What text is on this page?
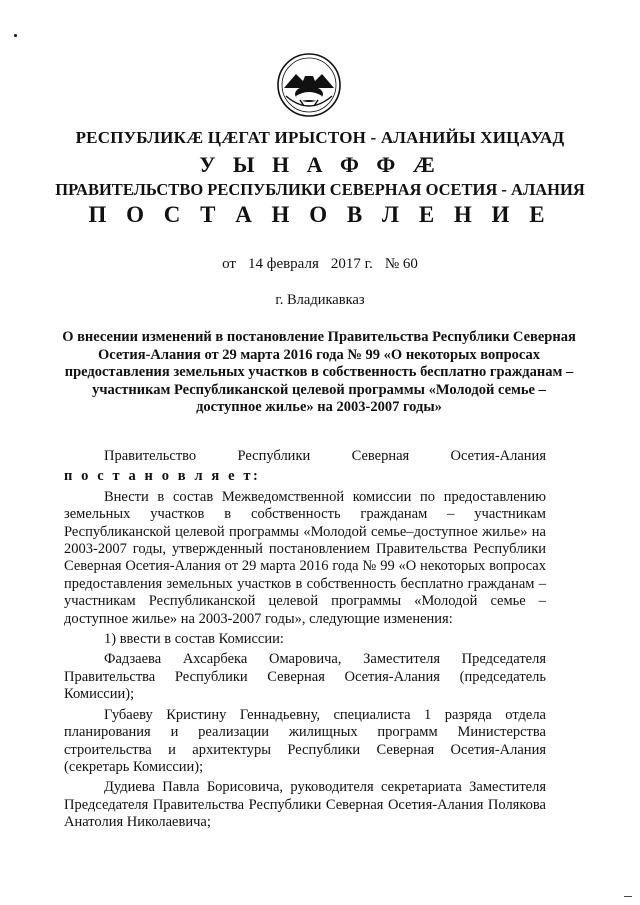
РЕСПУБЛИКÆ ЦÆГАТ ИРЫСТОН - АЛАНИЙЫ ХИЦАУАД
У Ы Н А Ф Ф Æ
ПРАВИТЕЛЬСТВО РЕСПУБЛИКИ СЕВЕРНАЯ ОСЕТИЯ - АЛАНИЯ
П О С Т А Н О В Л Е Н И Е
от 14 февраля 2017 г. № 60
г. Владикавказ
О внесении изменений в постановление Правительства Республики Северная Осетия-Алания от 29 марта 2016 года № 99 «О некоторых вопросах предоставления земельных участков в собственность бесплатно гражданам – участникам Республиканской целевой программы «Молодой семье – доступное жилье» на 2003-2007 годы»

Правительство Республики Северная Осетия-Алания

п о с т а н о в л я е т:

Внести в состав Межведомственной комиссии по предоставлению земельных участков в собственность гражданам – участникам Республиканской целевой программы «Молодой семье–доступное жилье» на 2003-2007 годы, утвержденный постановлением Правительства Республики Северная Осетия-Алания от 29 марта 2016 года № 99 «О некоторых вопросах предоставления земельных участков в собственность бесплатно гражданам – участникам Республиканской целевой программы «Молодой семье – доступное жилье» на 2003-2007 годы», следующие изменения:

1) ввести в состав Комиссии:

Фадзаева Ахсарбека Омаровича, Заместителя Председателя Правительства Республики Северная Осетия-Алания (председатель Комиссии);

Губаеву Кристину Геннадьевну, специалиста 1 разряда отдела планирования и реализации жилищных программ Министерства строительства и архитектуры Республики Северная Осетия-Алания (секретарь Комиссии);

Дудиева Павла Борисовича, руководителя секретариата Заместителя Председателя Правительства Республики Северная Осетия-Алания Полякова Анатолия Николаевича;
